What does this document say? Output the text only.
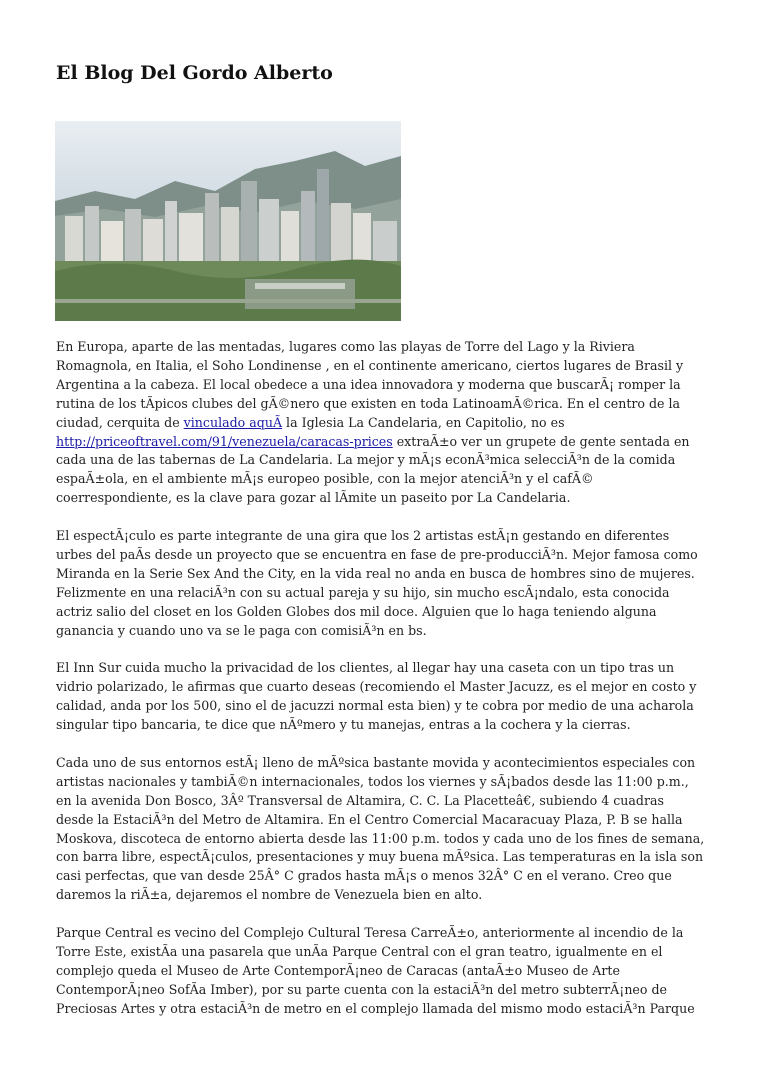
El Blog Del Gordo Alberto

En Europa, aparte de las mentadas, lugares como las playas de Torre del Lago y la Riviera
Romagnola, en Italia, el Soho Londinense , en el continente americano, ciertos lugares de Brasil y
Argentina a la cabeza. El local obedece a una idea innovadora y moderna que buscarÃ¡ romper la
rutina de los tÃpicos clubes del gÃ©nero que existen en toda LatinoamÃ©rica. En el centro de la
ciudad, cerquita de vinculado aquÃ la Iglesia La Candelaria, en Capitolio, no es
http://priceoftravel.com/91/venezuela/caracas-prices extraÃ±o ver un grupete de gente sentada en
cada una de las tabernas de La Candelaria. La mejor y mÃ¡s econÃ³mica selecciÃ³n de la comida
espaÃ±ola, en el ambiente mÃ¡s europeo posible, con la mejor atenciÃ³n y el cafÃ©
coerrespondiente, es la clave para gozar al lÃmite un paseito por La Candelaria.

El espectÃ¡culo es parte integrante de una gira que los 2 artistas estÃ¡n gestando en diferentes
urbes del paÃs desde un proyecto que se encuentra en fase de pre-producciÃ³n. Mejor famosa como
Miranda en la Serie Sex And the City, en la vida real no anda en busca de hombres sino de mujeres.
Felizmente en una relaciÃ³n con su actual pareja y su hijo, sin mucho escÃ¡ndalo, esta conocida
actriz salio del closet en los Golden Globes dos mil doce. Alguien que lo haga teniendo alguna
ganancia y cuando uno va se le paga con comisiÃ³n en bs.

El Inn Sur cuida mucho la privacidad de los clientes, al llegar hay una caseta con un tipo tras un
vidrio polarizado, le afirmas que cuarto deseas (recomiendo el Master Jacuzz, es el mejor en costo y
calidad, anda por los 500, sino el de jacuzzi normal esta bien) y te cobra por medio de una acharola
singular tipo bancaria, te dice que nÃºmero y tu manejas, entras a la cochera y la cierras.

Cada uno de sus entornos estÃ¡ lleno de mÃºsica bastante movida y acontecimientos especiales con
artistas nacionales y tambiÃ©n internacionales, todos los viernes y sÃ¡bados desde las 11:00 p.m.,
en la avenida Don Bosco, 3Âº Transversal de Altamira, C. C. La Placetteâ€, subiendo 4 cuadras
desde la EstaciÃ³n del Metro de Altamira. En el Centro Comercial Macaracuay Plaza, P. B se halla
Moskova, discoteca de entorno abierta desde las 11:00 p.m. todos y cada uno de los fines de semana,
con barra libre, espectÃ¡culos, presentaciones y muy buena mÃºsica. Las temperaturas en la isla son
casi perfectas, que van desde 25Â° C grados hasta mÃ¡s o menos 32Â° C en el verano. Creo que
daremos la riÃ±a, dejaremos el nombre de Venezuela bien en alto.

Parque Central es vecino del Complejo Cultural Teresa CarreÃ±o, anteriormente al incendio de la
Torre Este, existÃa una pasarela que unÃa Parque Central con el gran teatro, igualmente en el
complejo queda el Museo de Arte ContemporÃ¡neo de Caracas (antaÃ±o Museo de Arte
ContemporÃ¡neo SofÃa Imber), por su parte cuenta con la estaciÃ³n del metro subterrÃ¡neo de
Preciosas Artes y otra estaciÃ³n de metro en el complejo llamada del mismo modo estaciÃ³n Parque
